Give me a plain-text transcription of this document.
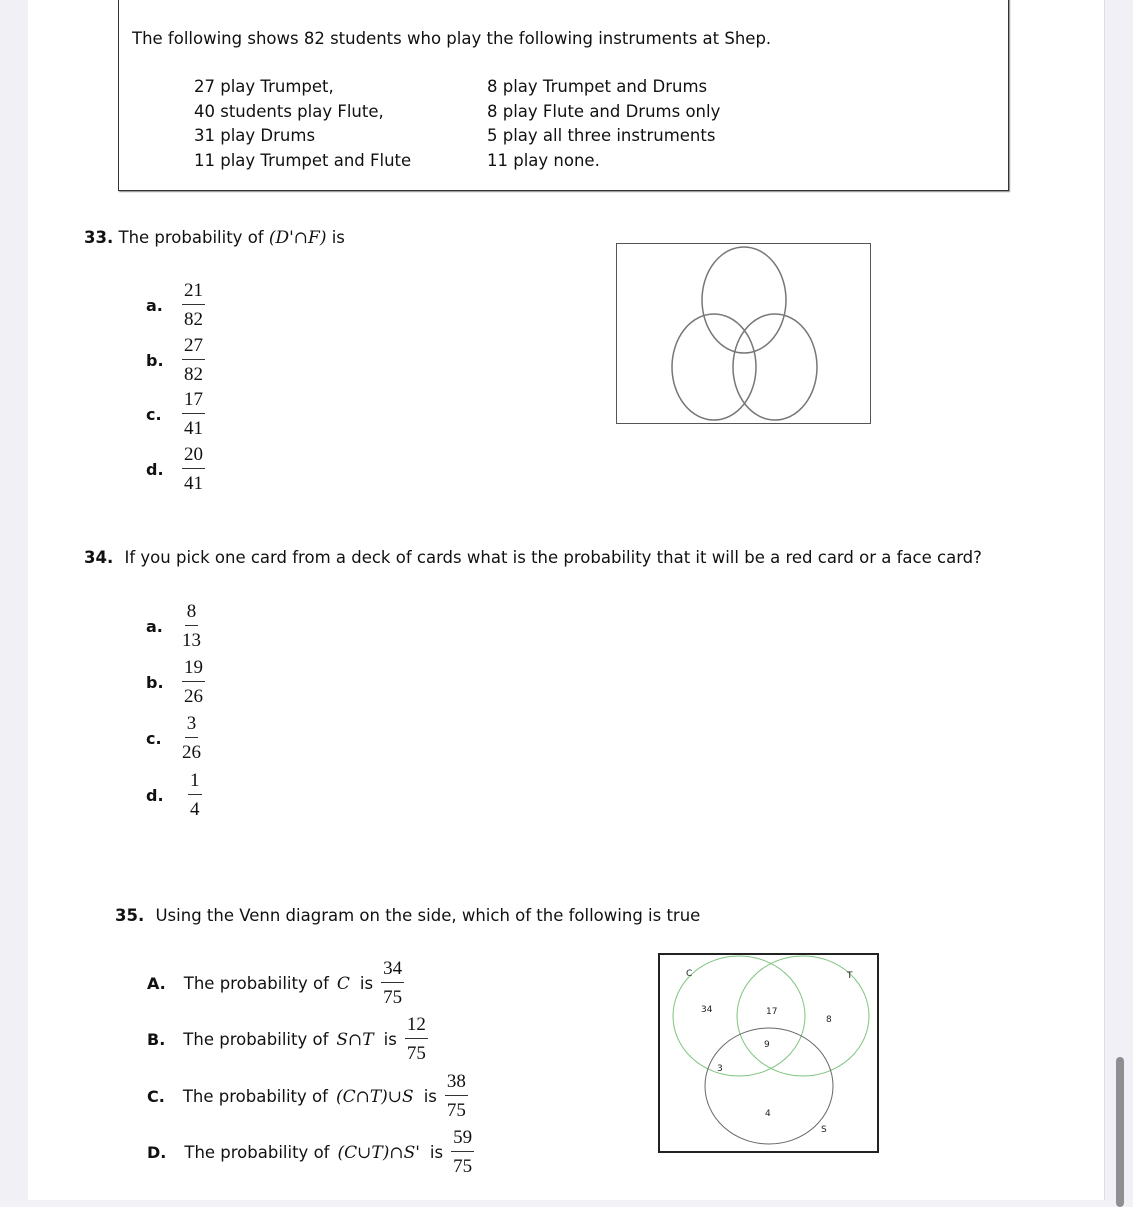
The following shows 82 students who play the following instruments at Shep.
27 play Trumpet,
40 students play Flute,
31 play Drums
11 play Trumpet and Flute
8 play Trumpet and Drums
8 play Flute and Drums only
5 play all three instruments
11 play none.
33. The probability of (D'∩F) is
a.	$\frac{21}{82}$
b. $\frac{27}{82}$
c.	$\frac{17}{41}$
d. $\frac{20}{41}$
34. If you pick one card from a deck of cards what is the probability that it will be a red card or a face card?
a.	$\frac{8}{13}$
b. $\frac{19}{26}$
c.	$\frac{3}{26}$
d.	$\frac{1}{4}$
35. Using the Venn diagram on the side, which of the following is true
A. The probability of C is $\frac{34}{75}$
B. The probability of S∩T is $\frac{12}{75}$
C. The probability of (C∩T)∪S is $\frac{38}{75}$
D. The probability of (C∪T)∩S' is $\frac{59}{75}$
C	T
S
34	17
8
9
3
4
